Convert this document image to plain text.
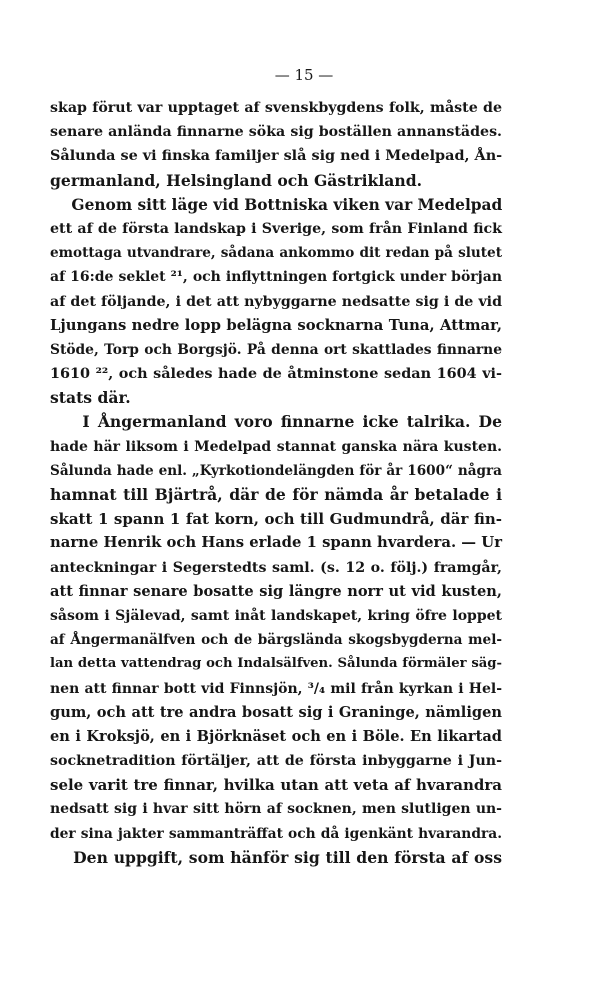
— 15 —
skap förut var upptaget af svenskbygdens folk, måste de
senare anlända finnarne söka sig boställen annanstädes.
Sålunda se vi finska familjer slå sig ned i Medelpad, Ån-
germanland, Helsingland och Gästrikland.
Genom sitt läge vid Bottniska viken var Medelpad
ett af de första landskap i Sverige, som från Finland fick
emottaga utvandrare, sådana ankommo dit redan på slutet
af 16:de seklet ²¹, och inflyttningen fortgick under början
af det följande, i det att nybyggarne nedsatte sig i de vid
Ljungans nedre lopp belägna socknarna Tuna, Attmar,
Stöde, Torp och Borgsjö. På denna ort skattlades finnarne
1610 ²², och således hade de åtminstone sedan 1604 vi-
stats där.
I Ångermanland voro finnarne icke talrika. De
hade här liksom i Medelpad stannat ganska nära kusten.
Sålunda hade enl. „Kyrkotiondelängden för år 1600“ några
hamnat till Bjärtrå, där de för nämda år betalade i
skatt 1 spann 1 fat korn, och till Gudmundrå, där fin-
narne Henrik och Hans erlade 1 spann hvardera. — Ur
anteckningar i Segerstedts saml. (s. 12 o. följ.) framgår,
att finnar senare bosatte sig längre norr ut vid kusten,
såsom i Själevad, samt inåt landskapet, kring öfre loppet
af Ångermanälfven och de bärgslända skogsbygderna mel-
lan detta vattendrag och Indalsälfven. Sålunda förmäler säg-
nen att finnar bott vid Finnsjön, ³/₄ mil från kyrkan i Hel-
gum, och att tre andra bosatt sig i Graninge, nämligen
en i Kroksjö, en i Björknäset och en i Böle. En likartad
socknetradition förtäljer, att de första inbyggarne i Jun-
sele varit tre finnar, hvilka utan att veta af hvarandra
nedsatt sig i hvar sitt hörn af socknen, men slutligen un-
der sina jakter sammanträffat och då igenkänt hvarandra.
Den uppgift, som hänför sig till den första af oss
